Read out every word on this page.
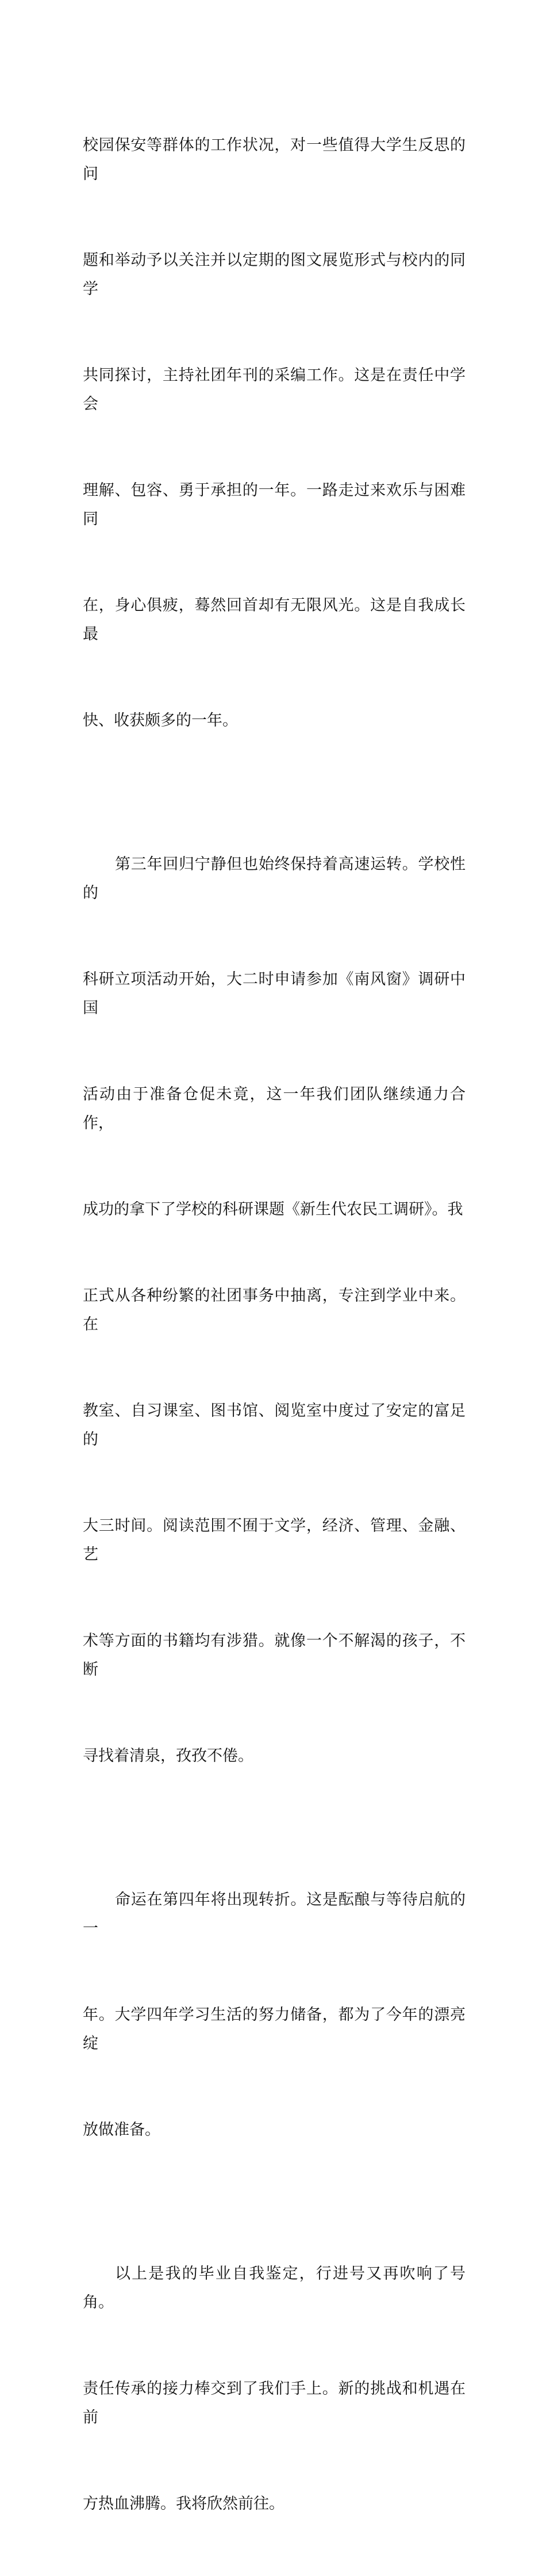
校园保安等群体的工作状况，对一些值得大学生反思的问

题和举动予以关注并以定期的图文展览形式与校内的同学

共同探讨，主持社团年刊的采编工作。这是在责任中学会

理解、包容、勇于承担的一年。一路走过来欢乐与困难同

在，身心俱疲，蓦然回首却有无限风光。这是自我成长最

快、收获颇多的一年。

第三年回归宁静但也始终保持着高速运转。学校性的

科研立项活动开始，大二时申请参加《南风窗》调研中国

活动由于准备仓促未竟，这一年我们团队继续通力合作，

成功的拿下了学校的科研课题《新生代农民工调研》。我

正式从各种纷繁的社团事务中抽离，专注到学业中来。在

教室、自习课室、图书馆、阅览室中度过了安定的富足的

大三时间。阅读范围不囿于文学，经济、管理、金融、艺

术等方面的书籍均有涉猎。就像一个不解渴的孩子，不断

寻找着清泉，孜孜不倦。

命运在第四年将出现转折。这是酝酿与等待启航的一

年。大学四年学习生活的努力储备，都为了今年的漂亮绽

放做准备。

以上是我的毕业自我鉴定，行进号又再吹响了号角。

责任传承的接力棒交到了我们手上。新的挑战和机遇在前

方热血沸腾。我将欣然前往。
